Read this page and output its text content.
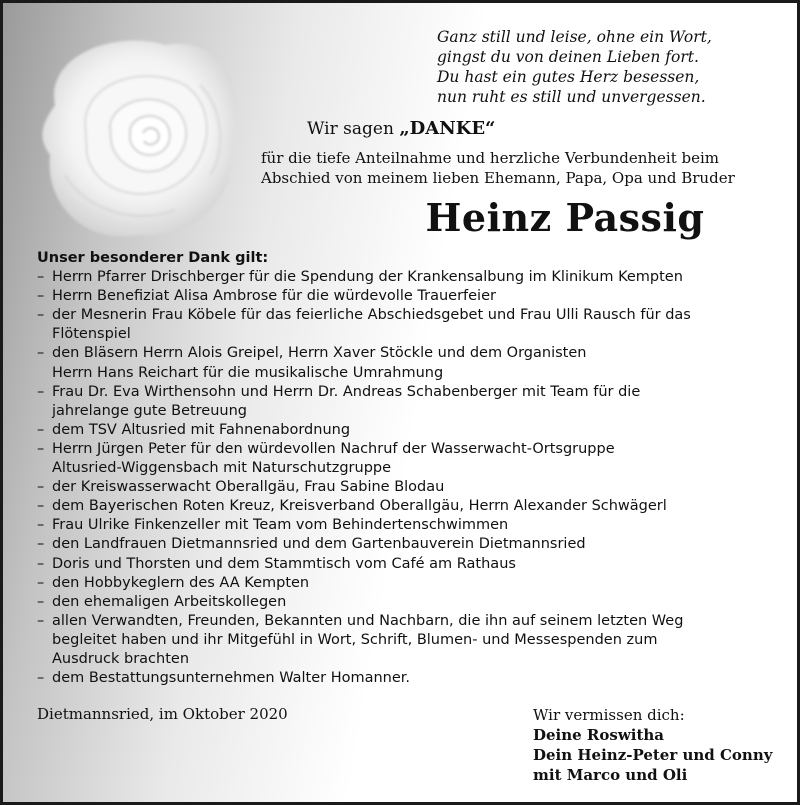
Ganz still und leise, ohne ein Wort,
gingst du von deinen Lieben fort.
Du hast ein gutes Herz besessen,
nun ruht es still und unvergessen.
Wir sagen „DANKE“
für die tiefe Anteilnahme und herzliche Verbundenheit beim
Abschied von meinem lieben Ehemann, Papa, Opa und Bruder
Heinz Passig
Unser besonderer Dank gilt:
– Herrn Pfarrer Drischberger für die Spendung der Krankensalbung im Klinikum Kempten
– Herrn Benefiziat Alisa Ambrose für die würdevolle Trauerfeier
– der Mesnerin Frau Köbele für das feierliche Abschiedsgebet und Frau Ulli Rausch für das
Flötenspiel
– den Bläsern Herrn Alois Greipel, Herrn Xaver Stöckle und dem Organisten
Herrn Hans Reichart für die musikalische Umrahmung
– Frau Dr. Eva Wirthensohn und Herrn Dr. Andreas Schabenberger mit Team für die
jahrelange gute Betreuung
– dem TSV Altusried mit Fahnenabordnung
– Herrn Jürgen Peter für den würdevollen Nachruf der Wasserwacht-Ortsgruppe
Altusried-Wiggensbach mit Naturschutzgruppe
– der Kreiswasserwacht Oberallgäu, Frau Sabine Blodau
– dem Bayerischen Roten Kreuz, Kreisverband Oberallgäu, Herrn Alexander Schwägerl
– Frau Ulrike Finkenzeller mit Team vom Behindertenschwimmen
– den Landfrauen Dietmannsried und dem Gartenbauverein Dietmannsried
– Doris und Thorsten und dem Stammtisch vom Café am Rathaus
– den Hobbykeglern des AA Kempten
– den ehemaligen Arbeitskollegen
– allen Verwandten, Freunden, Bekannten und Nachbarn, die ihn auf seinem letzten Weg
begleitet haben und ihr Mitgefühl in Wort, Schrift, Blumen- und Messespenden zum
Ausdruck brachten
– dem Bestattungsunternehmen Walter Homanner.
Dietmannsried, im Oktober 2020	Wir vermissen dich:
Deine Roswitha
Dein Heinz-Peter und Conny
mit Marco und Oli
